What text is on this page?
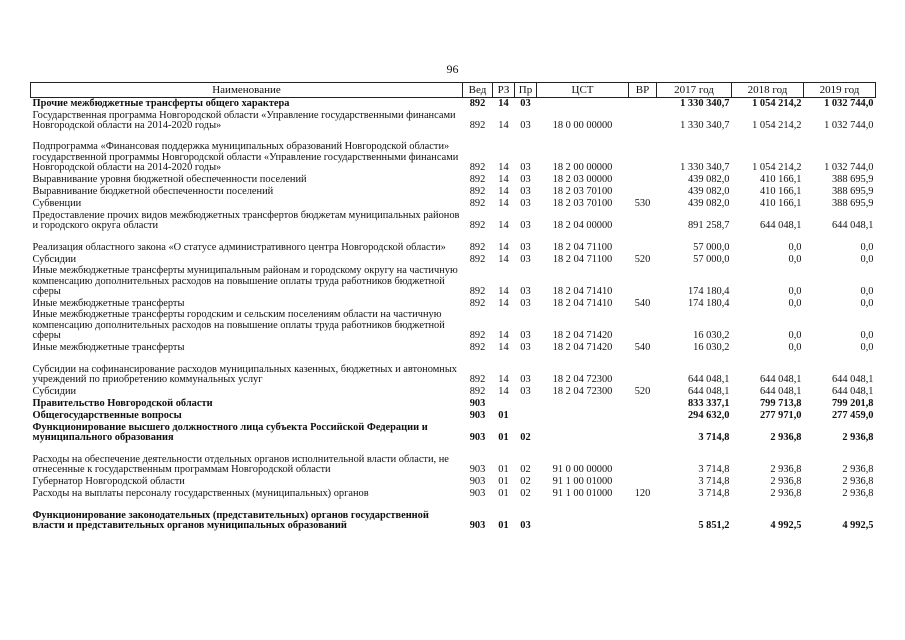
96
Наименование	Вед	РЗ	Пр	ЦСТ	ВР	2017 год	2018 год	2019 год
Прочие межбюджетные трансферты общего характера	892	14	03			1 330 340,7	1 054 214,2	1 032 744,0
Государственная программа Новгородской области «Управление государственными финансами Новгородской области на 2014-2020 годы»	892	14	03	18 0 00 00000		1 330 340,7	1 054 214,2	1 032 744,0
Подпрограмма «Финансовая поддержка муниципальных образований Новгородской области» государственной программы Новгородской области «Управление государственными финансами Новгородской области на 2014-2020 годы»	892	14	03	18 2 00 00000		1 330 340,7	1 054 214,2	1 032 744,0
Выравнивание уровня бюджетной обеспеченности поселений	892	14	03	18 2 03 00000		439 082,0	410 166,1	388 695,9
Выравнивание бюджетной обеспеченности поселений	892	14	03	18 2 03 70100		439 082,0	410 166,1	388 695,9
Субвенции	892	14	03	18 2 03 70100	530	439 082,0	410 166,1	388 695,9
Предоставление прочих видов межбюджетных трансфертов бюджетам муниципальных районов и городского округа области	892	14	03	18 2 04 00000		891 258,7	644 048,1	644 048,1
Реализация областного закона «О статусе административного центра Новгородской области»	892	14	03	18 2 04 71100		57 000,0	0,0	0,0
Субсидии	892	14	03	18 2 04 71100	520	57 000,0	0,0	0,0
Иные межбюджетные трансферты муниципальным районам и городскому округу на частичную компенсацию дополнительных расходов на повышение оплаты труда работников бюджетной сферы	892	14	03	18 2 04 71410		174 180,4	0,0	0,0
Иные межбюджетные трансферты	892	14	03	18 2 04 71410	540	174 180,4	0,0	0,0
Иные межбюджетные трансферты городским и сельским поселениям области на частичную компенсацию дополнительных расходов на повышение оплаты труда работников бюджетной сферы	892	14	03	18 2 04 71420		16 030,2	0,0	0,0
Иные межбюджетные трансферты	892	14	03	18 2 04 71420	540	16 030,2	0,0	0,0
Субсидии на софинансирование расходов муниципальных казенных, бюджетных и автономных учреждений по приобретению коммунальных услуг	892	14	03	18 2 04 72300		644 048,1	644 048,1	644 048,1
Субсидии	892	14	03	18 2 04 72300	520	644 048,1	644 048,1	644 048,1
Правительство Новгородской области	903					833 337,1	799 713,8	799 201,8
Общегосударственные вопросы	903	01				294 632,0	277 971,0	277 459,0
Функционирование высшего должностного лица субъекта Российской Федерации и муниципального образования	903	01	02			3 714,8	2 936,8	2 936,8
Расходы на обеспечение деятельности отдельных органов исполнительной власти области, не отнесенные к государственным программам Новгородской области	903	01	02	91 0 00 00000		3 714,8	2 936,8	2 936,8
Губернатор Новгородской области	903	01	02	91 1 00 01000		3 714,8	2 936,8	2 936,8
Расходы на выплаты персоналу государственных (муниципальных) органов	903	01	02	91 1 00 01000	120	3 714,8	2 936,8	2 936,8
Функционирование законодательных (представительных) органов государственной власти и представительных органов муниципальных образований	903	01	03			5 851,2	4 992,5	4 992,5
